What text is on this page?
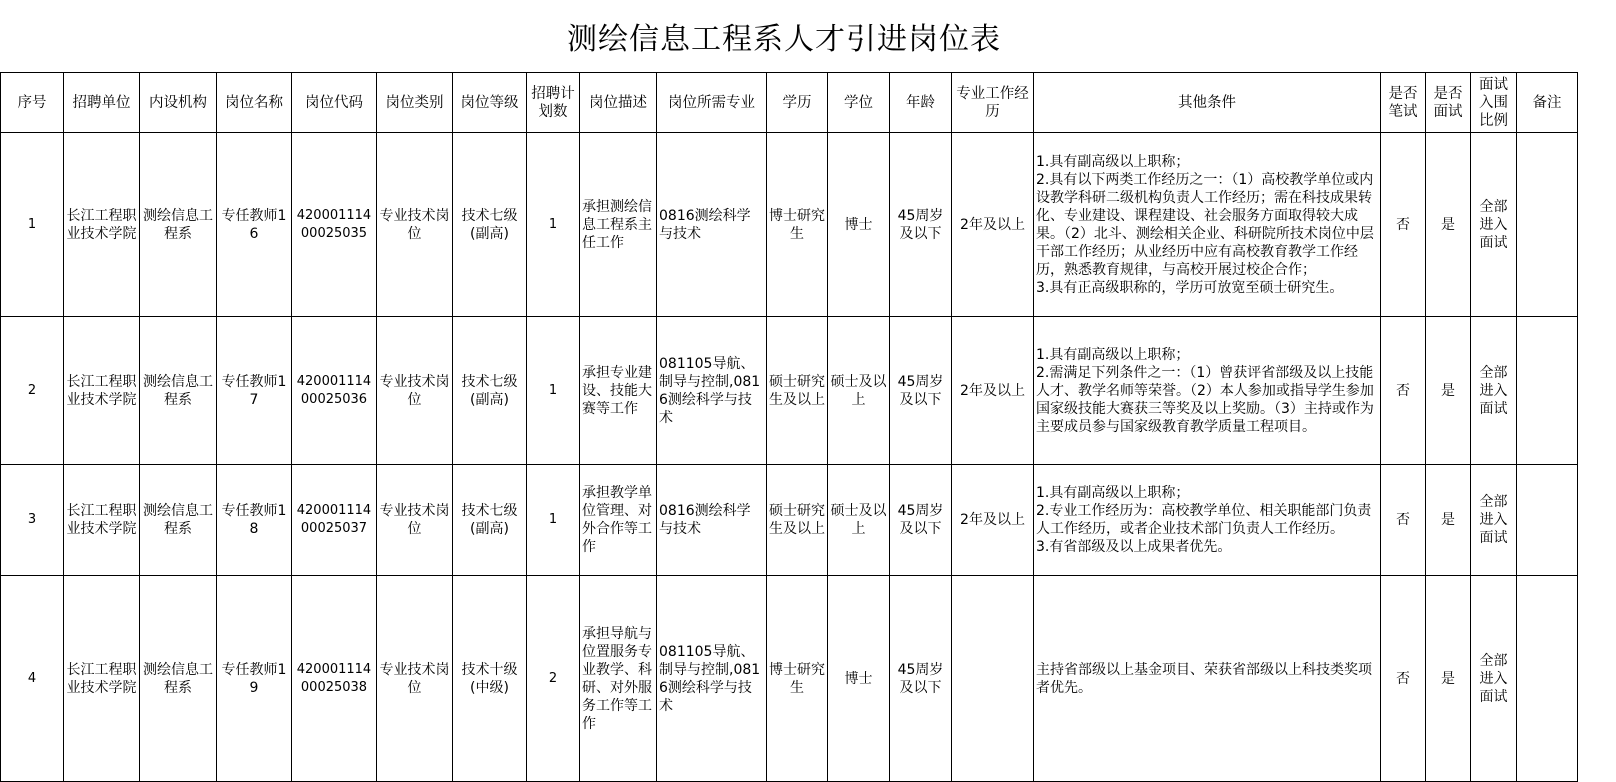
测绘信息工程系人才引进岗位表
序号	招聘单位	内设机构	岗位名称	岗位代码	岗位类别	岗位等级	招聘计划数	岗位描述	岗位所需专业	学历	学位	年龄	专业工作经历	其他条件	是否笔试	是否面试	面试入围比例	备注
1	长江工程职业技术学院	测绘信息工程系	专任教师16	42000111400025035	专业技术岗位	技术七级(副高)	1	承担测绘信息工程系主任工作	0816测绘科学与技术	博士研究生	博士	45周岁及以下	2年及以上	1.具有副高级以上职称；
2.具有以下两类工作经历之一：（1）高校教学单位或内设教学科研二级机构负责人工作经历；需在科技成果转化、专业建设、课程建设、社会服务方面取得较大成果。（2）北斗、测绘相关企业、科研院所技术岗位中层干部工作经历；从业经历中应有高校教育教学工作经历，熟悉教育规律，与高校开展过校企合作；
3.具有正高级职称的，学历可放宽至硕士研究生。	否	是	全部进入面试	
2	长江工程职业技术学院	测绘信息工程系	专任教师17	42000111400025036	专业技术岗位	技术七级(副高)	1	承担专业建设、技能大赛等工作	081105导航、制导与控制,0816测绘科学与技术	硕士研究生及以上	硕士及以上	45周岁及以下	2年及以上	1.具有副高级以上职称；
2.需满足下列条件之一：（1）曾获评省部级及以上技能人才、教学名师等荣誉。（2）本人参加或指导学生参加国家级技能大赛获三等奖及以上奖励。（3）主持或作为主要成员参与国家级教育教学质量工程项目。	否	是	全部进入面试	
3	长江工程职业技术学院	测绘信息工程系	专任教师18	42000111400025037	专业技术岗位	技术七级(副高)	1	承担教学单位管理、对外合作等工作	0816测绘科学与技术	硕士研究生及以上	硕士及以上	45周岁及以下	2年及以上	1.具有副高级以上职称；
2.专业工作经历为：高校教学单位、相关职能部门负责人工作经历，或者企业技术部门负责人工作经历。
3.有省部级及以上成果者优先。	否	是	全部进入面试	
4	长江工程职业技术学院	测绘信息工程系	专任教师19	42000111400025038	专业技术岗位	技术十级(中级)	2	承担导航与位置服务专业教学、科研、对外服务工作等工作	081105导航、制导与控制,0816测绘科学与技术	博士研究生	博士	45周岁及以下		主持省部级以上基金项目、荣获省部级以上科技类奖项者优先。	否	是	全部进入面试	
